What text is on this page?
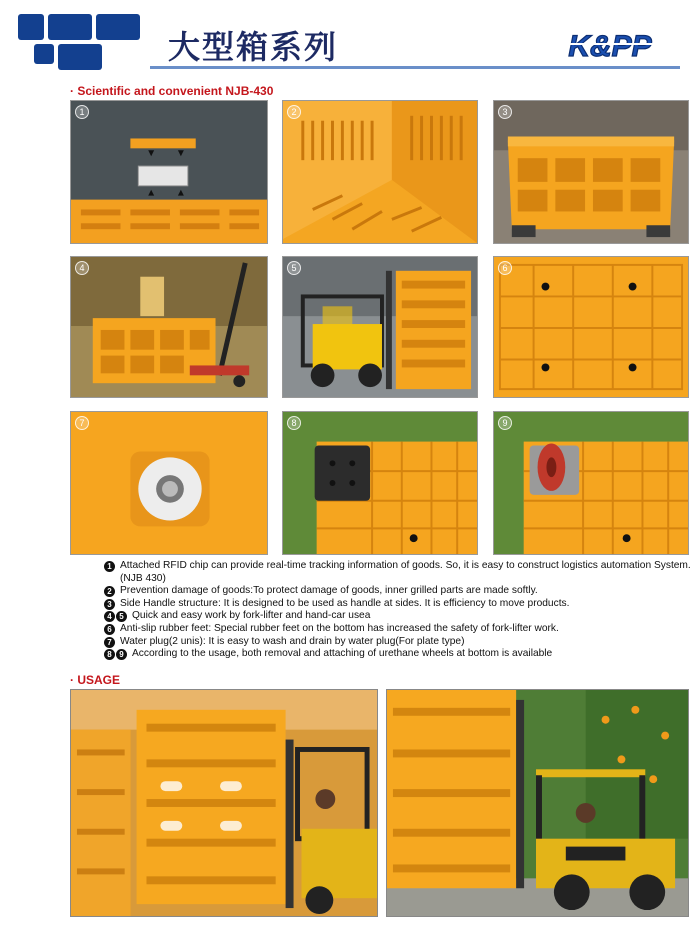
大型箱系列	K&PP
· Scientific and convenient NJB-430
1	2	3
4	5	6
7	8	9
1 Attached RFID chip can provide real-time tracking information of goods. So, it is easy to construct logistics automation System.(NJB 430)
2 Prevention damage of goods:To protect damage of goods, inner grilled parts are made softly.
3 Side Handle structure: It is designed to be used as handle at sides. It is efficiency to move products.
4 5 Quick and easy work by fork-lifter and hand-car usea
6 Anti-slip rubber feet: Special rubber feet on the bottom has increased the safety of fork-lifter work.
7 Water plug(2 unis): It is easy to wash and drain by water plug(For plate type)
8 9 According to the usage, both removal and attaching of urethane wheels at bottom is available
· USAGE
